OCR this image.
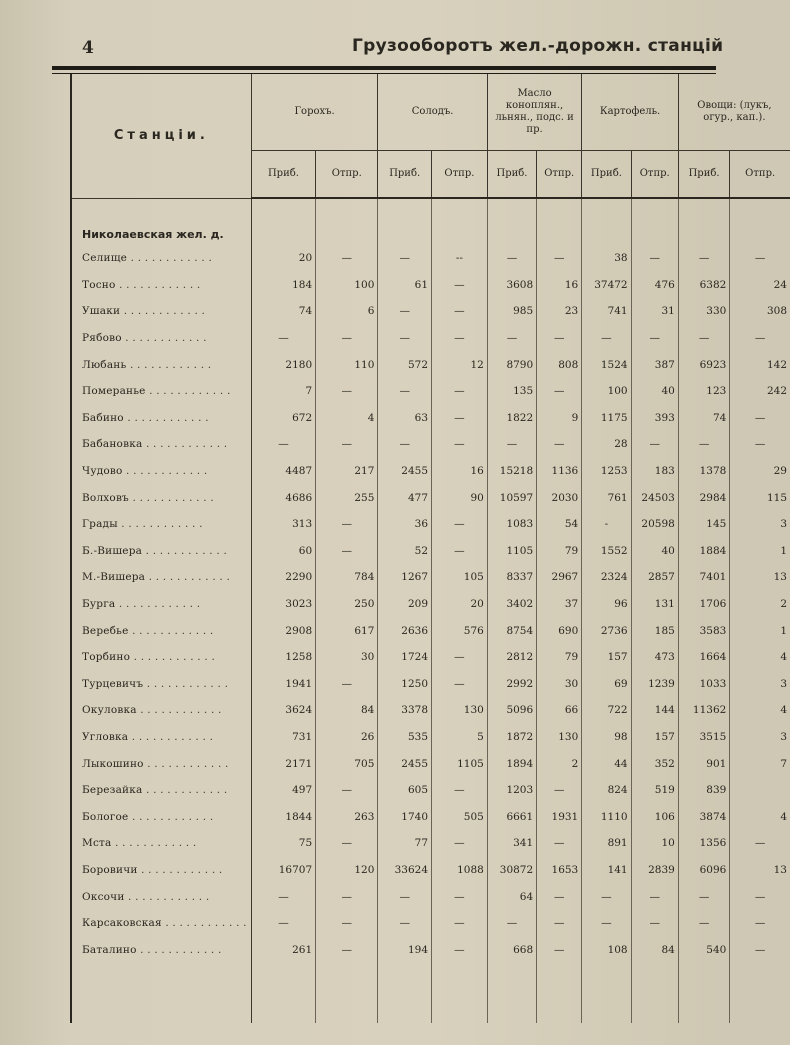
4	Грузооборотъ жел.-дорожн. станцій
Станціи.	Горохъ.		Солодъ.		Масло коноплян., льнян., подс. и пр.		Картофель.		Овощи: (лукъ, огур., кап.).	
	Приб.	Отпр.	Приб.	Отпр.	Приб.	Отпр.	Приб.	Отпр.	Приб.	Отпр.
Николаевская жел. д.										
Селище . . . . . . . . . . . .	20	—	—	--	—	—	38	—	—	—
Тосно . . . . . . . . . . . .	184	100	61	—	3608	16	37472	476	6382	24
Ушаки . . . . . . . . . . . .	74	6	—	—	985	23	741	31	330	308
Рябово . . . . . . . . . . . .	—	—	—	—	—	—	—	—	—	—
Любань . . . . . . . . . . . .	2180	110	572	12	8790	808	1524	387	6923	142
Померанье . . . . . . . . . . . .	7	—	—	—	135	—	100	40	123	242
Бабино . . . . . . . . . . . .	672	4	63	—	1822	9	1175	393	74	—
Бабановка . . . . . . . . . . . .	—	—	—	—	—	—	28	—	—	—
Чудово . . . . . . . . . . . .	4487	217	2455	16	15218	1136	1253	183	1378	29
Волховъ . . . . . . . . . . . .	4686	255	477	90	10597	2030	761	24503	2984	115
Грады . . . . . . . . . . . .	313	—	36	—	1083	54	-	20598	145	3
Б.-Вишера . . . . . . . . . . . .	60	—	52	—	1105	79	1552	40	1884	1
М.-Вишера . . . . . . . . . . . .	2290	784	1267	105	8337	2967	2324	2857	7401	13
Бурга . . . . . . . . . . . .	3023	250	209	20	3402	37	96	131	1706	2
Веребье . . . . . . . . . . . .	2908	617	2636	576	8754	690	2736	185	3583	1
Торбино . . . . . . . . . . . .	1258	30	1724	—	2812	79	157	473	1664	4
Турцевичъ . . . . . . . . . . . .	1941	—	1250	—	2992	30	69	1239	1033	3
Окуловка . . . . . . . . . . . .	3624	84	3378	130	5096	66	722	144	11362	4
Угловка . . . . . . . . . . . .	731	26	535	5	1872	130	98	157	3515	3
Лыкошино . . . . . . . . . . . .	2171	705	2455	1105	1894	2	44	352	901	7
Березайка . . . . . . . . . . . .	497	—	605	—	1203	—	824	519	839	
Бологое . . . . . . . . . . . .	1844	263	1740	505	6661	1931	1110	106	3874	4
Мста . . . . . . . . . . . .	75	—	77	—	341	—	891	10	1356	—
Боровичи . . . . . . . . . . . .	16707	120	33624	1088	30872	1653	141	2839	6096	13
Оксочи . . . . . . . . . . . .	—	—	—	—	64	—	—	—	—	—
Карсаковская . . . . . . . . . . . .	—	—	—	—	—	—	—	—	—	—
Баталино . . . . . . . . . . . .	261	—	194	—	668	—	108	84	540	—
